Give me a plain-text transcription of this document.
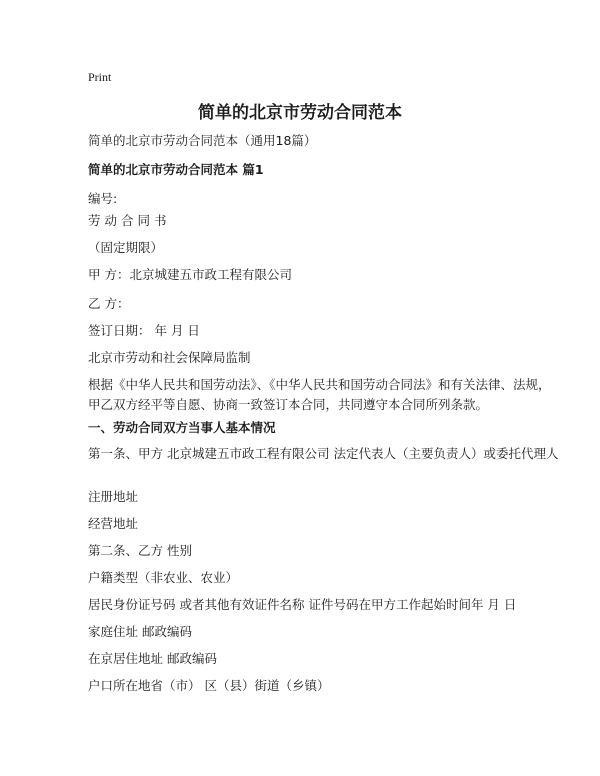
Print
简单的北京市劳动合同范本
简单的北京市劳动合同范本（通用18篇）
简单的北京市劳动合同范本 篇1
编号:
劳动合同书
（固定期限）
甲 方：北京城建五市政工程有限公司
乙 方：
签订日期： 年 月 日
北京市劳动和社会保障局监制
根据《中华人民共和国劳动法》、《中华人民共和国劳动合同法》和有关法律、法规，甲乙双方经平等自愿、协商一致签订本合同，共同遵守本合同所列条款。
一、劳动合同双方当事人基本情况
第一条、甲方 北京城建五市政工程有限公司 法定代表人（主要负责人）或委托代理人
注册地址
经营地址
第二条、乙方 性别
户籍类型（非农业、农业）
居民身份证号码 或者其他有效证件名称 证件号码在甲方工作起始时间年 月 日
家庭住址 邮政编码
在京居住地址 邮政编码
户口所在地省（市） 区（县）街道（乡镇）
